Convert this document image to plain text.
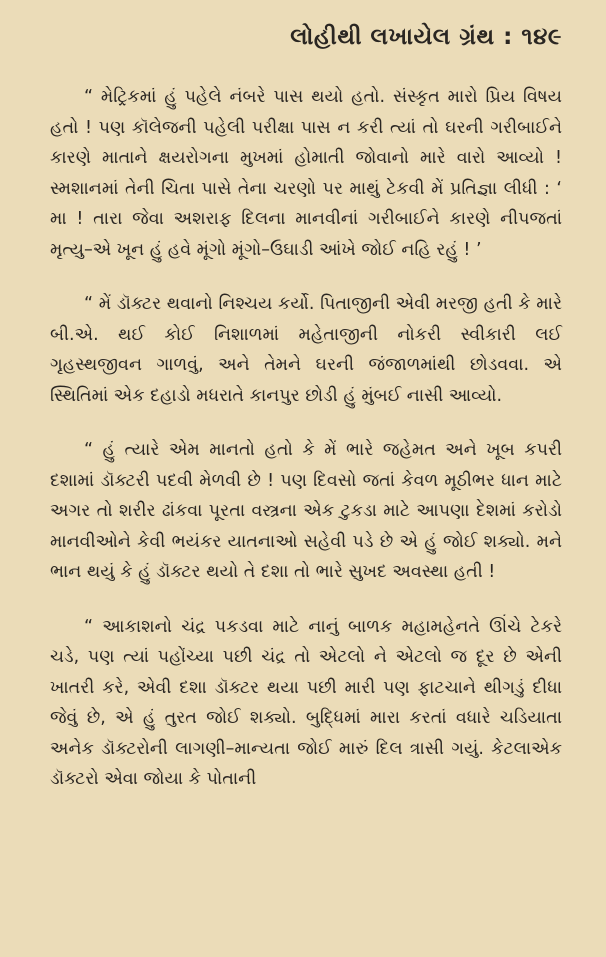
લોહીથી લખાયેલ ગ્રંથ : ૧૪૯

“ મેટ્રિકમાં હું પહેલે નંબરે પાસ થયો હતો. સંસ્કૃત મારો પ્રિય વિષય હતો ! પણ કૉલેજની પહેલી પરીક્ષા પાસ ન કરી ત્યાં તો ઘરની ગરીબાઈને કારણે માતાને ક્ષયરોગના મુખમાં હોમાતી જોવાનો મારે વારો આવ્યો ! સ્મશાનમાં તેની ચિતા પાસે તેના ચરણો પર માથું ટેકવી મેં પ્રતિજ્ઞા લીધી : ‘ મા ! તારા જેવા અશરાફ દિલના માનવીનાં ગરીબાઈને કારણે નીપજતાં મૃત્યુ–એ ખૂન હું હવે મૂંગો મૂંગો–ઉઘાડી આંખે જોઈ નહિ રહું ! ’

“ મેં ડૉક્ટર થવાનો નિશ્ચય કર્યો. પિતાજીની એવી મરજી હતી કે મારે બી.એ. થઈ કોઈ નિશાળમાં મહેતાજીની નોકરી સ્વીકારી લઈ ગૃહસ્થજીવન ગાળવું, અને તેમને ઘરની જંજાળમાંથી છોડવવા. એ સ્થિતિમાં એક દહાડો મધરાતે કાનપુર છોડી હું મુંબઈ નાસી આવ્યો.

“ હું ત્યારે એમ માનતો હતો કે મેં ભારે જહેમત અને ખૂબ કપરી દશામાં ડૉક્ટરી પદવી મેળવી છે ! પણ દિવસો જતાં કેવળ મૂઠીભર ધાન માટે અગર તો શરીર ઢાંકવા પૂરતા વસ્ત્રના એક ટુકડા માટે આપણા દેશમાં કરોડો માનવીઓને કેવી ભયંકર યાતનાઓ સહેવી પડે છે એ હું જોઈ શક્યો. મને ભાન થયું કે હું ડૉક્ટર થયો તે દશા તો ભારે સુખદ અવસ્થા હતી !

“ આકાશનો ચંદ્ર પકડવા માટે નાનું બાળક મહામહેનતે ઊંચે ટેકરે ચડે, પણ ત્યાં પહોંચ્યા પછી ચંદ્ર તો એટલો ને એટલો જ દૂર છે એની ખાતરી કરે, એવી દશા ડૉક્ટર થયા પછી મારી પણ ફાટચાને થીગડું દીધા જેવું છે, એ હું તુરત જોઈ શક્યો. બુદ્ધિમાં મારા કરતાં વધારે ચડિયાતા અનેક ડૉક્ટરોની લાગણી–માન્યતા જોઈ મારું દિલ ત્રાસી ગયું. કેટલાએક ડૉક્ટરો એવા જોયા કે પોતાની
